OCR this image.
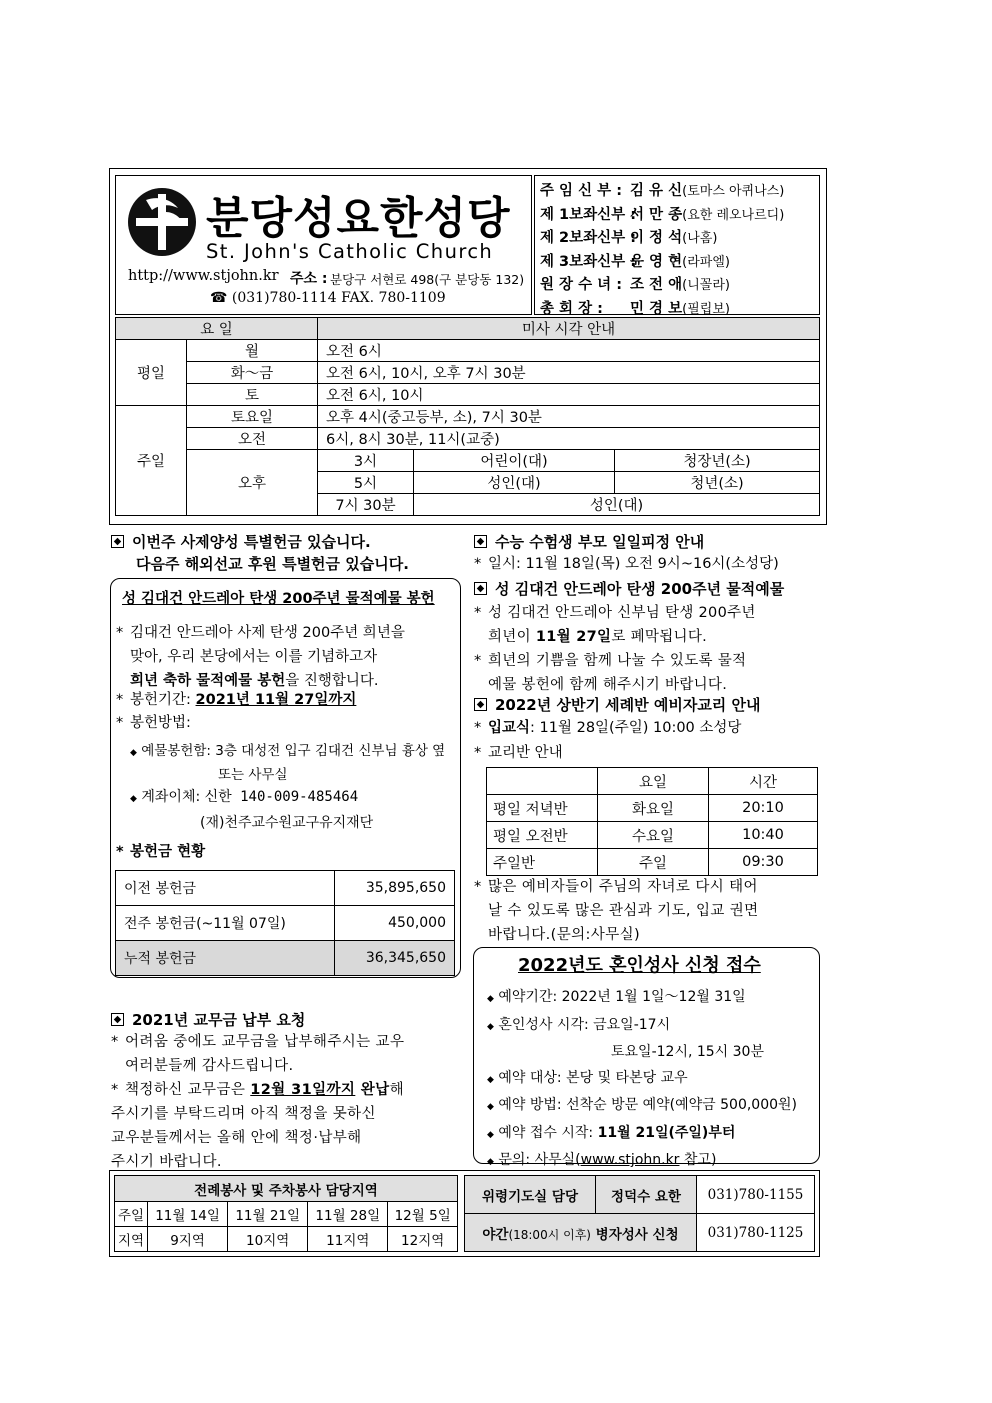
분당성요한성당
St. John's Catholic Church
http://www.stjohn.kr 주소 : 분당구 서현로 498(구 분당동 132)
☎ (031)780-1114 FAX. 780-1109
주 임 신 부 : 김 유 신(토마스 아퀴나스)
제 1보좌신부 :서 만 종(요한 레오나르디)
제 2보좌신부 :이 정 석(나홈)
제 3보좌신부 :윤 영 현(라파엘)
원 장 수 녀 : 조 전 애(니꼴라)
총 회 장 : 민 경 보(필립보)
요 일		미사 시각 안내		
평일	월	오전 6시		
	화～금	오전 6시, 10시, 오후 7시 30분		
	토	오전 6시, 10시		
주일	토요일	오후 4시(중고등부, 소), 7시 30분		
	오전	6시, 8시 30분, 11시(교중)		
	오후	3시	어린이(대)	청장년(소)
		5시	성인(대)	청년(소)
		7시 30분	성인(대)	
이번주 사제양성 특별헌금 있습니다.
다음주 해외선교 후원 특별헌금 있습니다.
성 김대건 안드레아 탄생 200주년 물적예물 봉헌
* 김대건 안드레아 사제 탄생 200주년 희년을
맞아, 우리 본당에서는 이를 기념하고자
희년 축하 물적예물 봉헌을 진행합니다.
* 봉헌기간: 2021년 11월 27일까지
* 봉헌방법:
◆ 예물봉헌함: 3층 대성전 입구 김대건 신부님 흉상 옆
또는 사무실
◆ 계좌이체: 신한 140-009-485464
(재)천주교수원교구유지재단
* 봉헌금 현황
이전 봉헌금	35,895,650
전주 봉헌금(~11월 07일)	450,000
누적 봉헌금	36,345,650
2021년 교무금 납부 요청
* 어려움 중에도 교무금을 납부해주시는 교우
여러분들께 감사드립니다.
* 책정하신 교무금은 12월 31일까지 완납해
주시기를 부탁드리며 아직 책정을 못하신
교우분들께서는 올해 안에 책정·납부해
주시기 바랍니다.
수능 수험생 부모 일일피정 안내
* 일시: 11월 18일(목) 오전 9시~16시(소성당)
성 김대건 안드레아 탄생 200주년 물적예물
* 성 김대건 안드레아 신부님 탄생 200주년
희년이 11월 27일로 폐막됩니다.
* 희년의 기쁨을 함께 나눌 수 있도록 물적
예물 봉헌에 함께 해주시기 바랍니다.
2022년 상반기 세례반 예비자교리 안내
* 입교식: 11월 28일(주일) 10:00 소성당
* 교리반 안내
	요일	시간
평일 저녁반	화요일	20:10
평일 오전반	수요일	10:40
주일반	주일	09:30
* 많은 예비자들이 주님의 자녀로 다시 태어
날 수 있도록 많은 관심과 기도, 입교 권면
바랍니다.(문의:사무실)
2022년도 혼인성사 신청 접수
◆ 예약기간: 2022년 1월 1일～12월 31일
◆ 혼인성사 시각: 금요일-17시
토요일-12시, 15시 30분
◆ 예약 대상: 본당 및 타본당 교우
◆ 예약 방법: 선착순 방문 예약(예약금 500,000원)
◆ 예약 접수 시작: 11월 21일(주일)부터
◆ 문의: 사무실(www.stjohn.kr 참고)
전례봉사 및 주차봉사 담당지역				
주일	11월 14일	11월 21일	11월 28일	12월 5일
지역	9지역	10지역	11지역	12지역
위령기도실 담당	정덕수 요한	031)780-1155
야간(18:00시 이후) 병자성사 신청		031)780-1125
